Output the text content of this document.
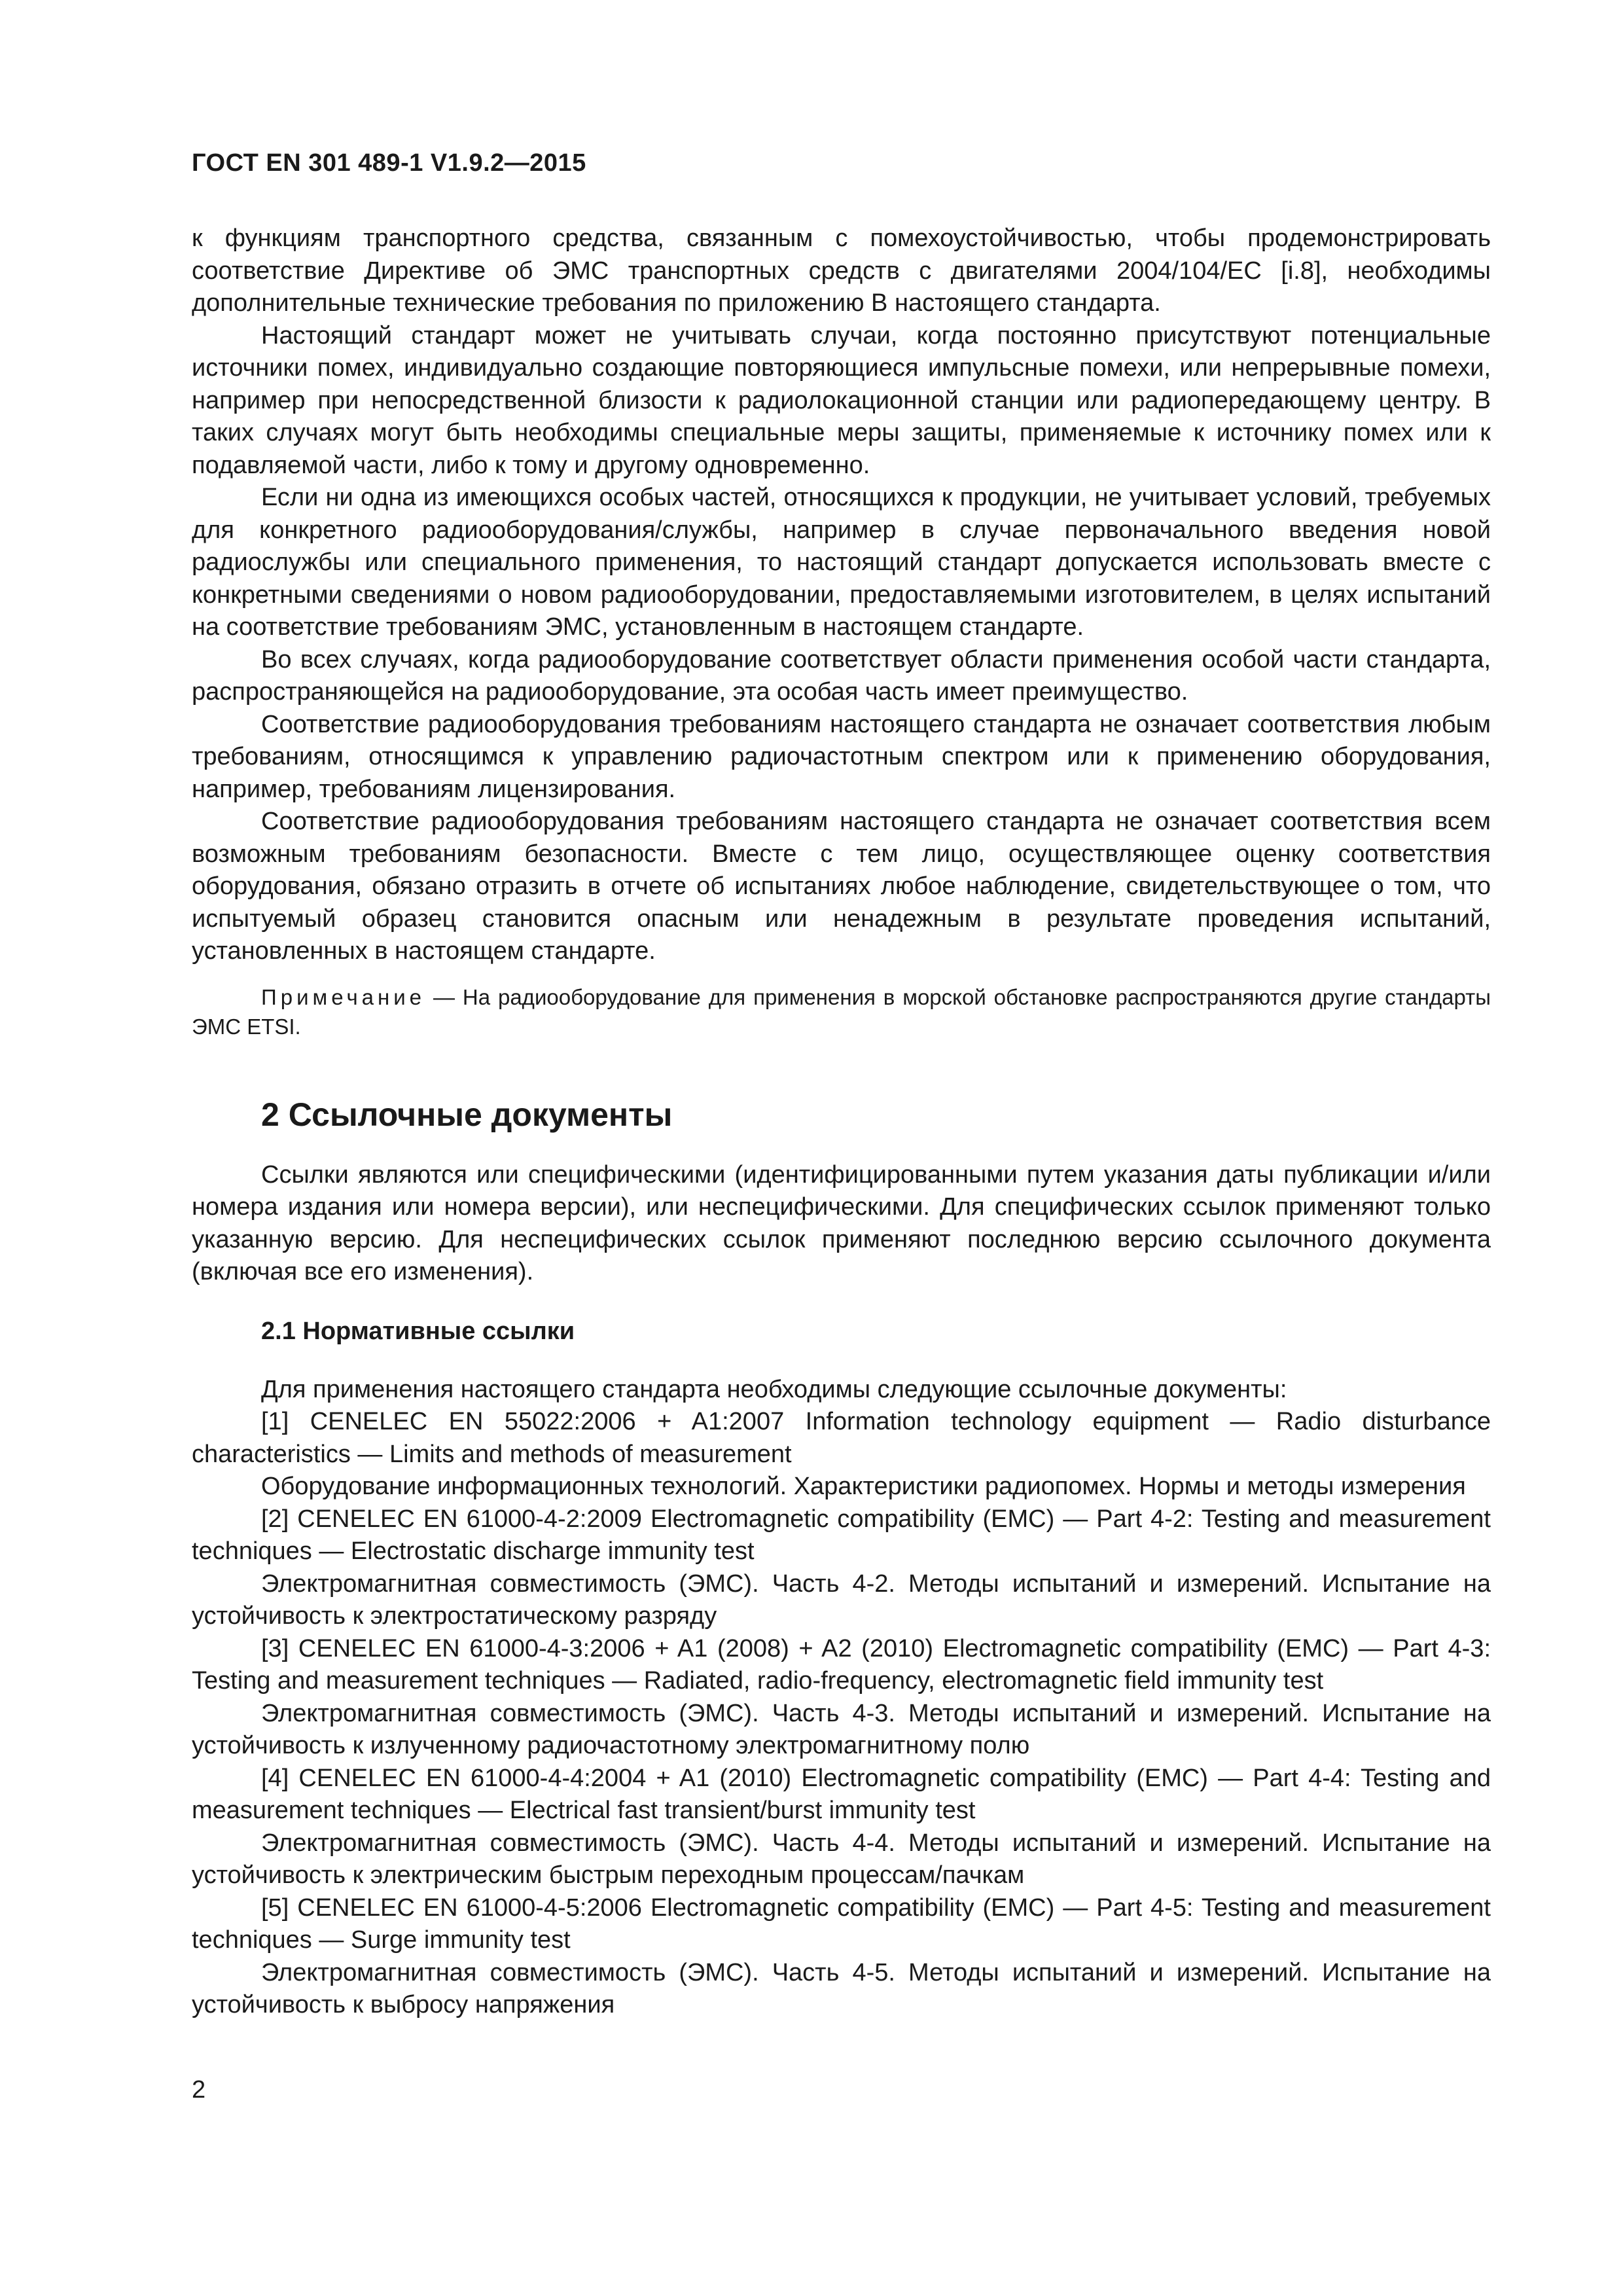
ГОСТ EN 301 489-1 V1.9.2—2015

к функциям транспортного средства, связанным с помехоустойчивостью, чтобы продемонстрировать соответствие Директиве об ЭМС транспортных средств с двигателями 2004/104/ЕС [i.8], необходимы дополнительные технические требования по приложению В настоящего стандарта.

Настоящий стандарт может не учитывать случаи, когда постоянно присутствуют потенциальные источники помех, индивидуально создающие повторяющиеся импульсные помехи, или непрерывные помехи, например при непосредственной близости к радиолокационной станции или радиопередающему центру. В таких случаях могут быть необходимы специальные меры защиты, применяемые к источнику помех или к подавляемой части, либо к тому и другому одновременно.

Если ни одна из имеющихся особых частей, относящихся к продукции, не учитывает условий, требуемых для конкретного радиооборудования/службы, например в случае первоначального введения новой радиослужбы или специального применения, то настоящий стандарт допускается использовать вместе с конкретными сведениями о новом радиооборудовании, предоставляемыми изготовителем, в целях испытаний на соответствие требованиям ЭМС, установленным в настоящем стандарте.

Во всех случаях, когда радиооборудование соответствует области применения особой части стандарта, распространяющейся на радиооборудование, эта особая часть имеет преимущество.

Соответствие радиооборудования требованиям настоящего стандарта не означает соответствия любым требованиям, относящимся к управлению радиочастотным спектром или к применению оборудования, например, требованиям лицензирования.

Соответствие радиооборудования требованиям настоящего стандарта не означает соответствия всем возможным требованиям безопасности. Вместе с тем лицо, осуществляющее оценку соответствия оборудования, обязано отразить в отчете об испытаниях любое наблюдение, свидетельствующее о том, что испытуемый образец становится опасным или ненадежным в результате проведения испытаний, установленных в настоящем стандарте.

Примечание — На радиооборудование для применения в морской обстановке распространяются другие стандарты ЭМС ETSI.

2 Ссылочные документы

Ссылки являются или специфическими (идентифицированными путем указания даты публикации и/или номера издания или номера версии), или неспецифическими. Для специфических ссылок применяют только указанную версию. Для неспецифических ссылок применяют последнюю версию ссылочного документа (включая все его изменения).

2.1 Нормативные ссылки

Для применения настоящего стандарта необходимы следующие ссылочные документы:

[1] CENELEC EN 55022:2006 + A1:2007 Information technology equipment — Radio disturbance characteristics — Limits and methods of measurement

Оборудование информационных технологий. Характеристики радиопомех. Нормы и методы измерения

[2] CENELEC EN 61000-4-2:2009 Electromagnetic compatibility (EMC) — Part 4-2: Testing and measurement techniques — Electrostatic discharge immunity test

Электромагнитная совместимость (ЭМС). Часть 4-2. Методы испытаний и измерений. Испытание на устойчивость к электростатическому разряду

[3] CENELEC EN 61000-4-3:2006 + A1 (2008) + A2 (2010) Electromagnetic compatibility (EMC) — Part 4-3: Testing and measurement techniques — Radiated, radio-frequency, electromagnetic field immunity test

Электромагнитная совместимость (ЭМС). Часть 4-3. Методы испытаний и измерений. Испытание на устойчивость к излученному радиочастотному электромагнитному полю

[4] CENELEC EN 61000-4-4:2004 + A1 (2010) Electromagnetic compatibility (EMC) — Part 4-4: Testing and measurement techniques — Electrical fast transient/burst immunity test

Электромагнитная совместимость (ЭМС). Часть 4-4. Методы испытаний и измерений. Испытание на устойчивость к электрическим быстрым переходным процессам/пачкам

[5] CENELEC EN 61000-4-5:2006 Electromagnetic compatibility (EMC) — Part 4-5: Testing and measurement techniques — Surge immunity test

Электромагнитная совместимость (ЭМС). Часть 4-5. Методы испытаний и измерений. Испытание на устойчивость к выбросу напряжения

2
